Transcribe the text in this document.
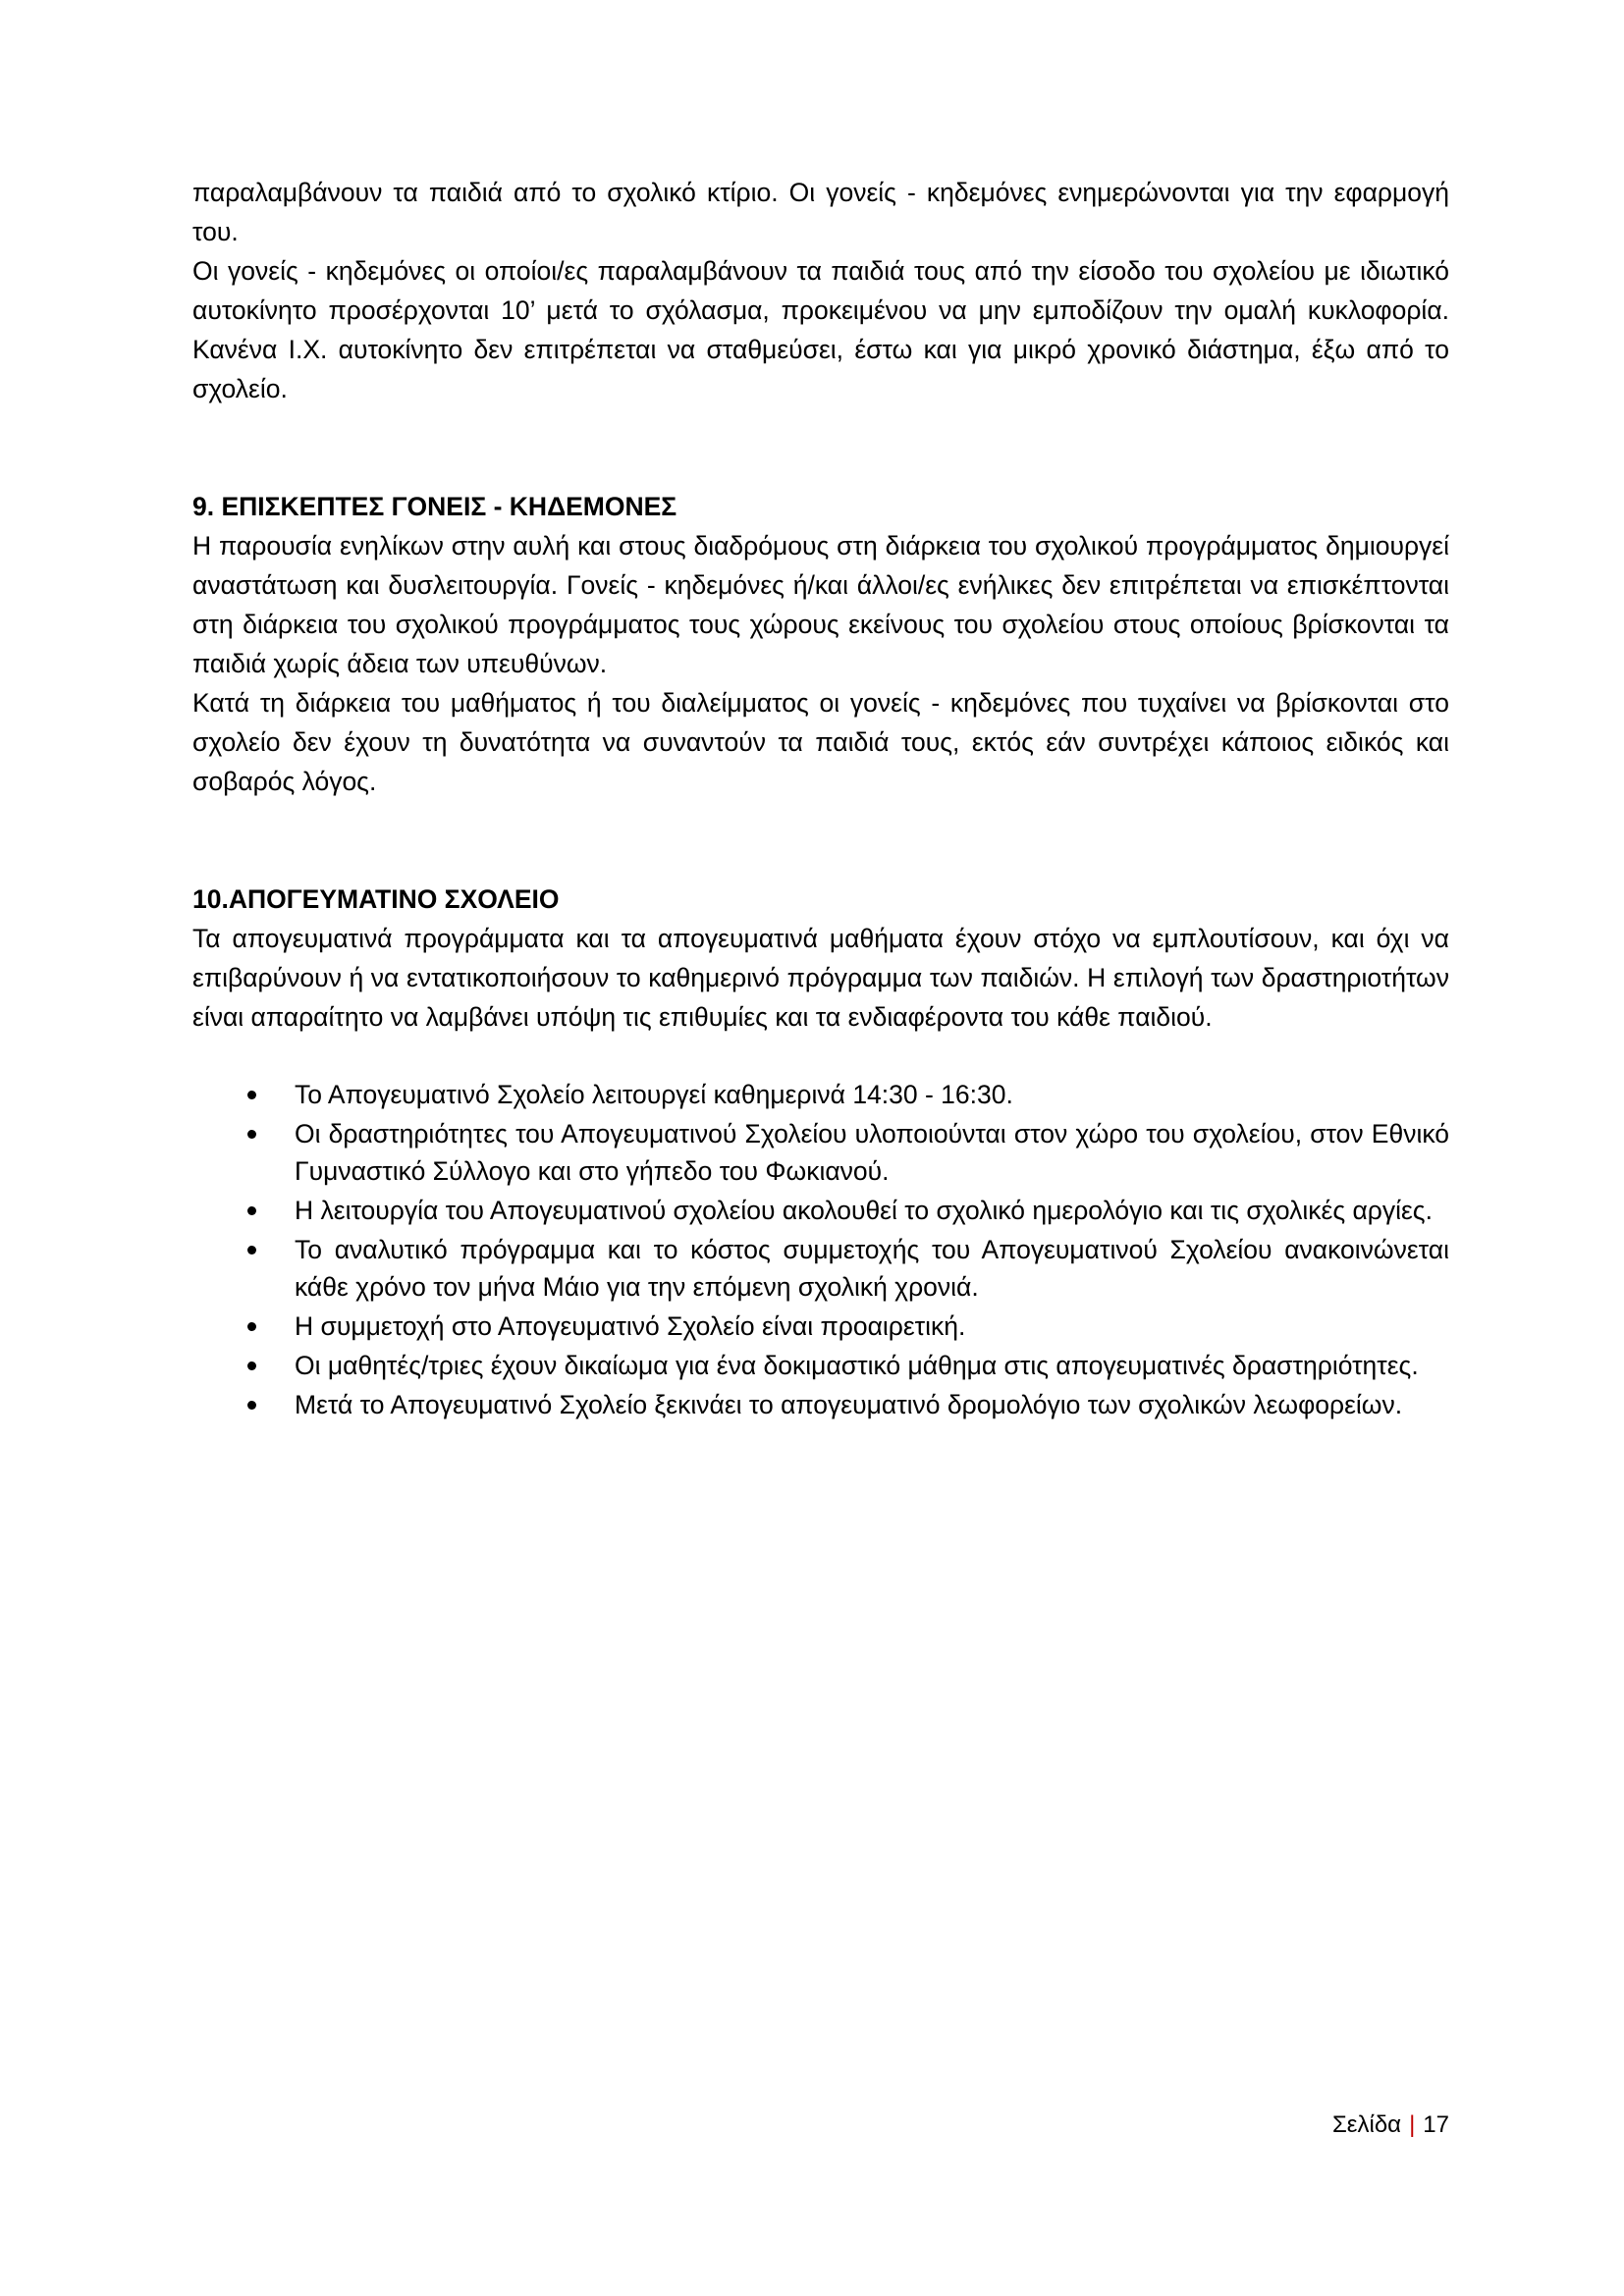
παραλαμβάνουν τα παιδιά από το σχολικό κτίριο. Οι γονείς - κηδεμόνες ενημερώνονται για την εφαρμογή του.

Οι γονείς - κηδεμόνες οι οποίοι/ες παραλαμβάνουν τα παιδιά τους από την είσοδο του σχολείου με ιδιωτικό αυτοκίνητο προσέρχονται 10’ μετά το σχόλασμα, προκειμένου να μην εμποδίζουν την ομαλή κυκλοφορία. Κανένα Ι.Χ. αυτοκίνητο δεν επιτρέπεται να σταθμεύσει, έστω και για μικρό χρονικό διάστημα, έξω από το σχολείο.

9. ΕΠΙΣΚΕΠΤΕΣ ΓΟΝΕΙΣ - ΚΗΔΕΜΟΝΕΣ

Η παρουσία ενηλίκων στην αυλή και στους διαδρόμους στη διάρκεια του σχολικού προγράμματος δημιουργεί αναστάτωση και δυσλειτουργία. Γονείς - κηδεμόνες ή/και άλλοι/ες ενήλικες δεν επιτρέπεται να επισκέπτονται στη διάρκεια του σχολικού προγράμματος τους χώρους εκείνους του σχολείου στους οποίους βρίσκονται τα παιδιά χωρίς άδεια των υπευθύνων.

Κατά τη διάρκεια του μαθήματος ή του διαλείμματος οι γονείς - κηδεμόνες που τυχαίνει να βρίσκονται στο σχολείο δεν έχουν τη δυνατότητα να συναντούν τα παιδιά τους, εκτός εάν συντρέχει κάποιος ειδικός και σοβαρός λόγος.

10.ΑΠΟΓΕΥΜΑΤΙΝΟ ΣΧΟΛΕΙΟ

Τα απογευματινά προγράμματα και τα απογευματινά μαθήματα έχουν στόχο να εμπλουτίσουν, και όχι να επιβαρύνουν ή να εντατικοποιήσουν το καθημερινό πρόγραμμα των παιδιών. Η επιλογή των δραστηριοτήτων είναι απαραίτητο να λαμβάνει υπόψη τις επιθυμίες και τα ενδιαφέροντα του κάθε παιδιού.

Το Απογευματινό Σχολείο λειτουργεί καθημερινά 14:30 - 16:30.
Οι δραστηριότητες του Απογευματινού Σχολείου υλοποιούνται στον χώρο του σχολείου, στον Εθνικό Γυμναστικό Σύλλογο και στο γήπεδο του Φωκιανού.
Η λειτουργία του Απογευματινού σχολείου ακολουθεί το σχολικό ημερολόγιο και τις σχολικές αργίες.
Το αναλυτικό πρόγραμμα και το κόστος συμμετοχής του Απογευματινού Σχολείου ανακοινώνεται κάθε χρόνο τον μήνα Μάιο για την επόμενη σχολική χρονιά.
Η συμμετοχή στο Απογευματινό Σχολείο είναι προαιρετική.
Οι μαθητές/τριες έχουν δικαίωμα για ένα δοκιμαστικό μάθημα στις απογευματινές δραστηριότητες.
Μετά το Απογευματινό Σχολείο ξεκινάει το απογευματινό δρομολόγιο των σχολικών λεωφορείων.
Σελίδα | 17
